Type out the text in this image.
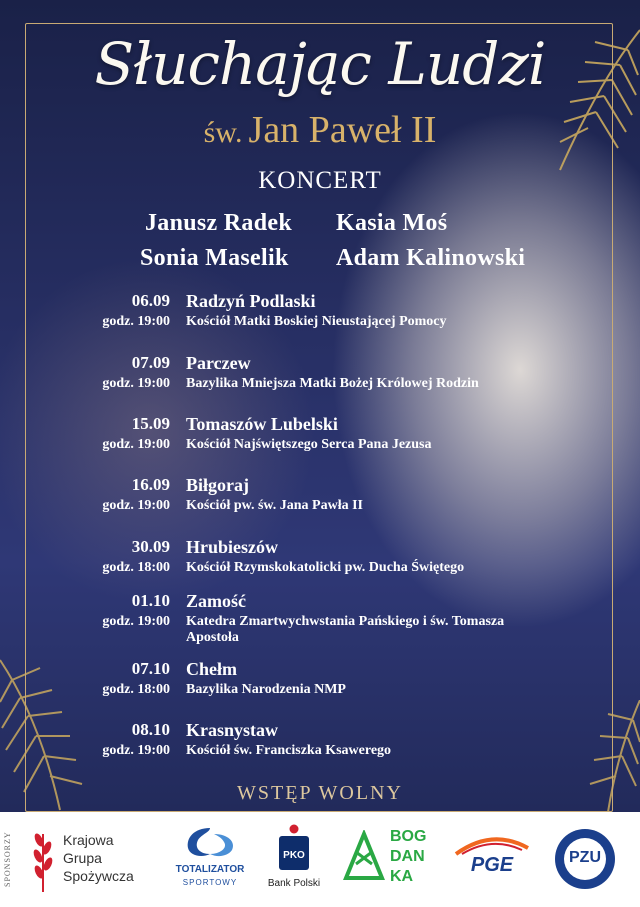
Słuchając Ludzi
św. Jan Paweł II
KONCERT
Janusz Radek Kasia Moś
Sonia Maselik Adam Kalinowski
06.09 Radzyń Podlaski
godz. 19:00 Kościół Matki Boskiej Nieustającej Pomocy
07.09 Parczew
godz. 19:00 Bazylika Mniejsza Matki Bożej Królowej Rodzin
15.09 Tomaszów Lubelski
godz. 19:00 Kościół Najświętszego Serca Pana Jezusa
16.09 Biłgoraj
godz. 19:00 Kościół pw. św. Jana Pawła II
30.09 Hrubieszów
godz. 18:00 Kościół Rzymskokatolicki pw. Ducha Świętego
01.10 Zamość
godz. 19:00 Katedra Zmartwychwstania Pańskiego i św. Tomasza Apostoła
07.10 Chełm
godz. 18:00 Bazylika Narodzenia NMP
08.10 Krasnystaw
godz. 19:00 Kościół św. Franciszka Ksawerego
WSTĘP WOLNY
SPONSORZY	Krajowa
Grupa
Spożywcza	TOTALIZATOR
SPORTOWY
PKO
Bank Polski
BOG
DAN
KA
PGE	PZU
